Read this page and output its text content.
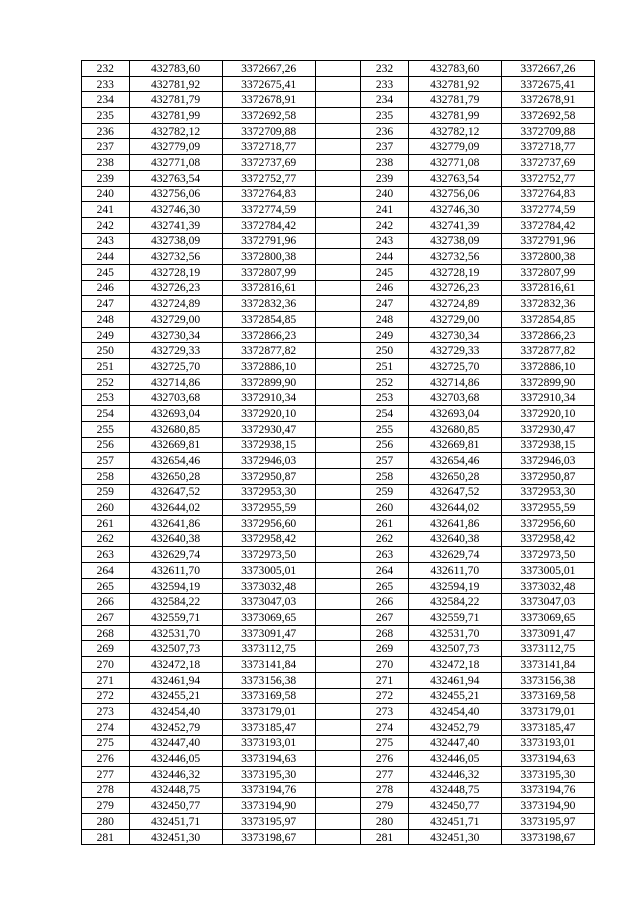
232	432783,60	3372667,26		232	432783,60	3372667,26
233	432781,92	3372675,41		233	432781,92	3372675,41
234	432781,79	3372678,91		234	432781,79	3372678,91
235	432781,99	3372692,58		235	432781,99	3372692,58
236	432782,12	3372709,88		236	432782,12	3372709,88
237	432779,09	3372718,77		237	432779,09	3372718,77
238	432771,08	3372737,69		238	432771,08	3372737,69
239	432763,54	3372752,77		239	432763,54	3372752,77
240	432756,06	3372764,83		240	432756,06	3372764,83
241	432746,30	3372774,59		241	432746,30	3372774,59
242	432741,39	3372784,42		242	432741,39	3372784,42
243	432738,09	3372791,96		243	432738,09	3372791,96
244	432732,56	3372800,38		244	432732,56	3372800,38
245	432728,19	3372807,99		245	432728,19	3372807,99
246	432726,23	3372816,61		246	432726,23	3372816,61
247	432724,89	3372832,36		247	432724,89	3372832,36
248	432729,00	3372854,85		248	432729,00	3372854,85
249	432730,34	3372866,23		249	432730,34	3372866,23
250	432729,33	3372877,82		250	432729,33	3372877,82
251	432725,70	3372886,10		251	432725,70	3372886,10
252	432714,86	3372899,90		252	432714,86	3372899,90
253	432703,68	3372910,34		253	432703,68	3372910,34
254	432693,04	3372920,10		254	432693,04	3372920,10
255	432680,85	3372930,47		255	432680,85	3372930,47
256	432669,81	3372938,15		256	432669,81	3372938,15
257	432654,46	3372946,03		257	432654,46	3372946,03
258	432650,28	3372950,87		258	432650,28	3372950,87
259	432647,52	3372953,30		259	432647,52	3372953,30
260	432644,02	3372955,59		260	432644,02	3372955,59
261	432641,86	3372956,60		261	432641,86	3372956,60
262	432640,38	3372958,42		262	432640,38	3372958,42
263	432629,74	3372973,50		263	432629,74	3372973,50
264	432611,70	3373005,01		264	432611,70	3373005,01
265	432594,19	3373032,48		265	432594,19	3373032,48
266	432584,22	3373047,03		266	432584,22	3373047,03
267	432559,71	3373069,65		267	432559,71	3373069,65
268	432531,70	3373091,47		268	432531,70	3373091,47
269	432507,73	3373112,75		269	432507,73	3373112,75
270	432472,18	3373141,84		270	432472,18	3373141,84
271	432461,94	3373156,38		271	432461,94	3373156,38
272	432455,21	3373169,58		272	432455,21	3373169,58
273	432454,40	3373179,01		273	432454,40	3373179,01
274	432452,79	3373185,47		274	432452,79	3373185,47
275	432447,40	3373193,01		275	432447,40	3373193,01
276	432446,05	3373194,63		276	432446,05	3373194,63
277	432446,32	3373195,30		277	432446,32	3373195,30
278	432448,75	3373194,76		278	432448,75	3373194,76
279	432450,77	3373194,90		279	432450,77	3373194,90
280	432451,71	3373195,97		280	432451,71	3373195,97
281	432451,30	3373198,67		281	432451,30	3373198,67
